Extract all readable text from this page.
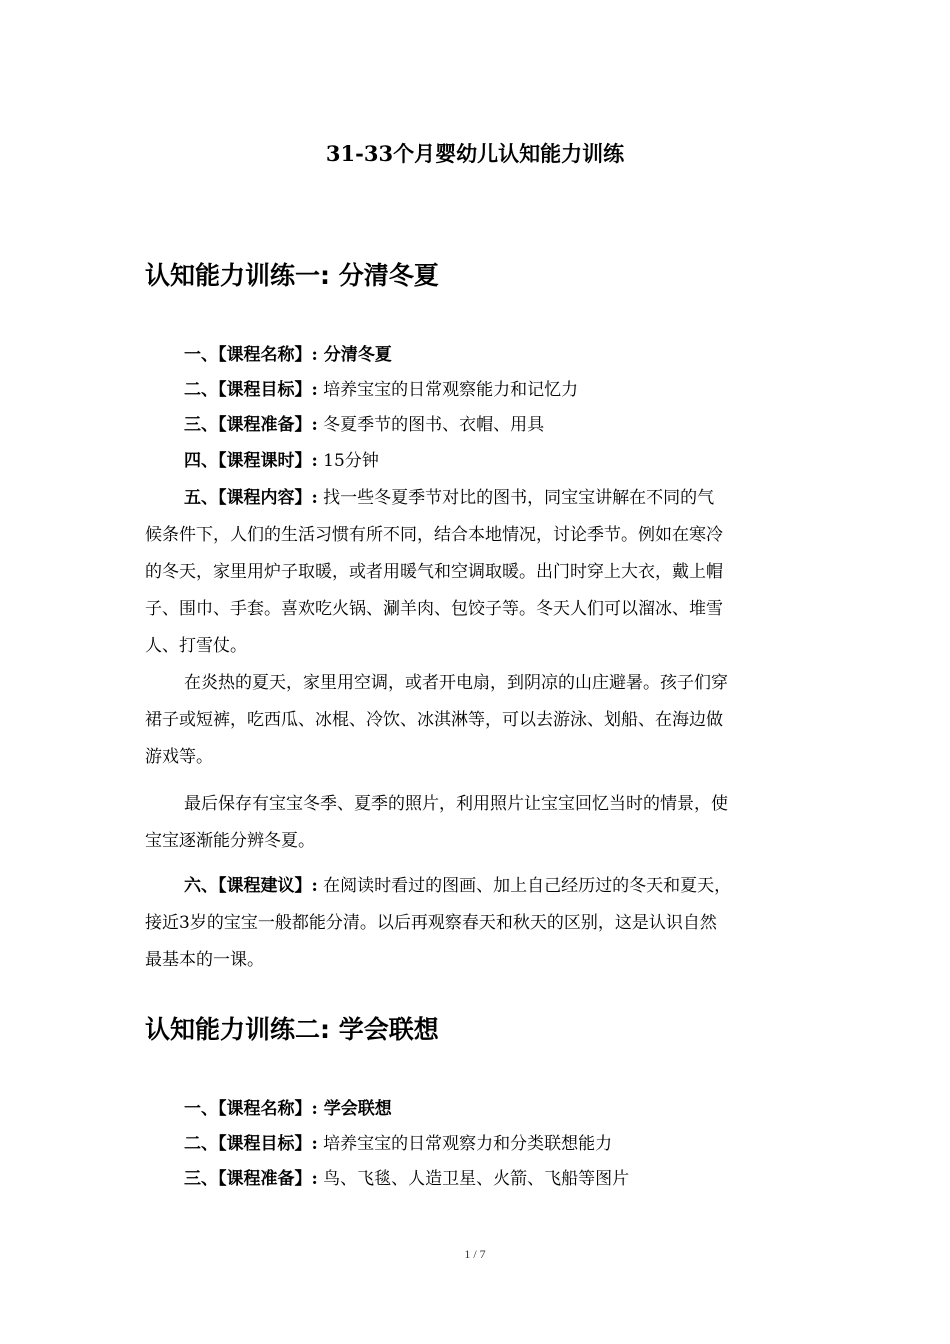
31-33个月婴幼儿认知能力训练
认知能力训练一: 分清冬夏
一、【课程名称】: 分清冬夏
二、【课程目标】: 培养宝宝的日常观察能力和记忆力
三、【课程准备】: 冬夏季节的图书、衣帽、用具
四、【课程课时】: 15分钟
五、【课程内容】: 找一些冬夏季节对比的图书，同宝宝讲解在不同的气
候条件下，人们的生活习惯有所不同，结合本地情况，讨论季节。例如在寒冷
的冬天，家里用炉子取暖，或者用暖气和空调取暖。出门时穿上大衣，戴上帽
子、围巾、手套。喜欢吃火锅、涮羊肉、包饺子等。冬天人们可以溜冰、堆雪
人、打雪仗。
在炎热的夏天，家里用空调，或者开电扇，到阴凉的山庄避暑。孩子们穿
裙子或短裤，吃西瓜、冰棍、冷饮、冰淇淋等，可以去游泳、划船、在海边做
游戏等。
最后保存有宝宝冬季、夏季的照片，利用照片让宝宝回忆当时的情景，使
宝宝逐渐能分辨冬夏。
六、【课程建议】: 在阅读时看过的图画、加上自己经历过的冬天和夏天，
接近3岁的宝宝一般都能分清。以后再观察春天和秋天的区别，这是认识自然
最基本的一课。
认知能力训练二: 学会联想
一、【课程名称】: 学会联想
二、【课程目标】: 培养宝宝的日常观察力和分类联想能力
三、【课程准备】: 鸟、飞毯、人造卫星、火箭、飞船等图片
1 / 7
